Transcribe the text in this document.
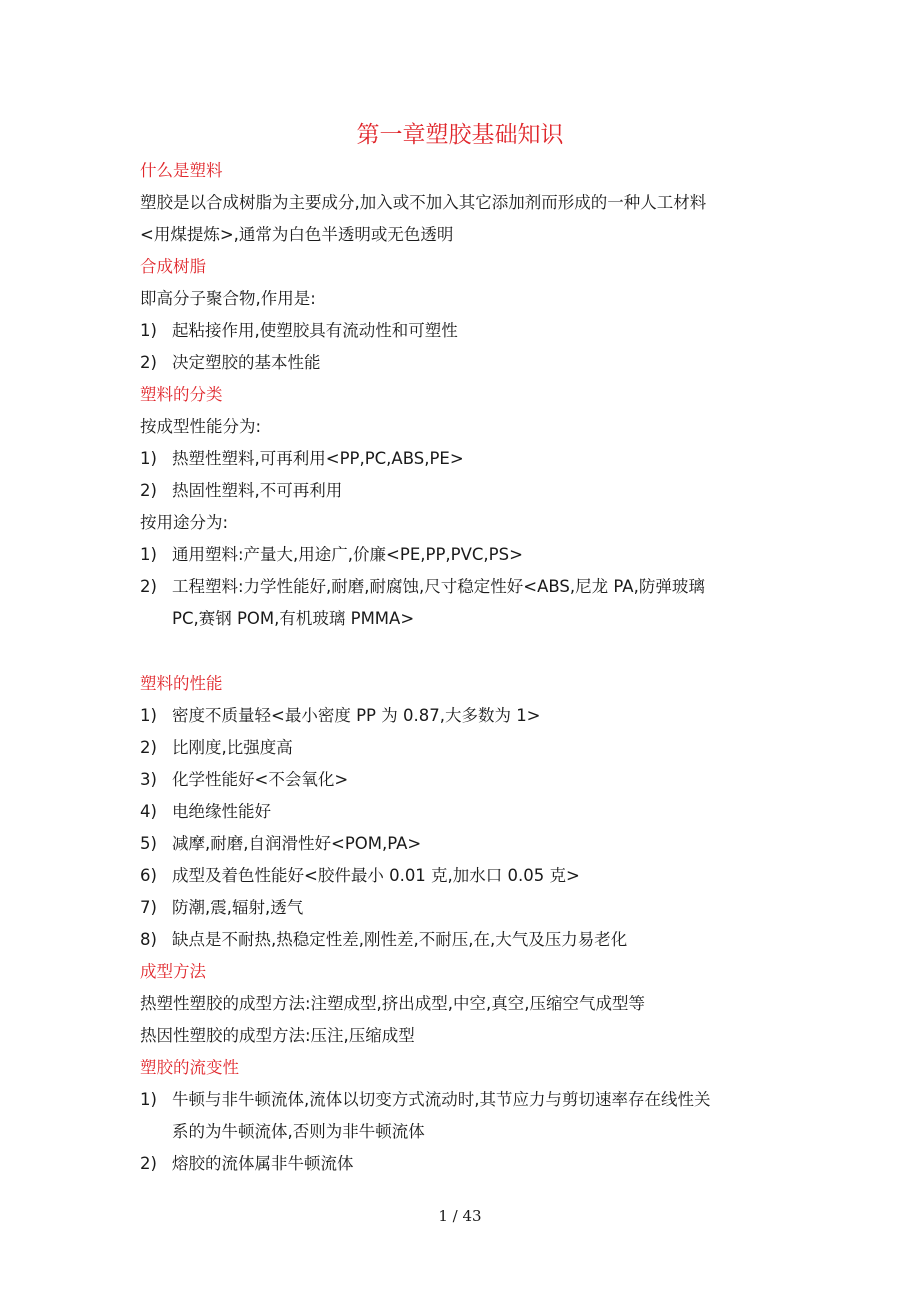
第一章塑胶基础知识
什么是塑料
塑胶是以合成树脂为主要成分,加入或不加入其它添加剂而形成的一种人工材料
<用煤提炼>,通常为白色半透明或无色透明
合成树脂
即高分子聚合物,作用是:
1) 起粘接作用,使塑胶具有流动性和可塑性
2) 决定塑胶的基本性能
塑料的分类
按成型性能分为:
1) 热塑性塑料,可再利用<PP,PC,ABS,PE>
2) 热固性塑料,不可再利用
按用途分为:
1) 通用塑料:产量大,用途广,价廉<PE,PP,PVC,PS>
2) 工程塑料:力学性能好,耐磨,耐腐蚀,尺寸稳定性好<ABS,尼龙 PA,防弹玻璃
PC,赛钢 POM,有机玻璃 PMMA>
塑料的性能
1) 密度不质量轻<最小密度 PP 为 0.87,大多数为 1>
2) 比刚度,比强度高
3) 化学性能好<不会氧化>
4) 电绝缘性能好
5) 减摩,耐磨,自润滑性好<POM,PA>
6) 成型及着色性能好<胶件最小 0.01 克,加水口 0.05 克>
7) 防潮,震,辐射,透气
8) 缺点是不耐热,热稳定性差,刚性差,不耐压,在,大气及压力易老化
成型方法
热塑性塑胶的成型方法:注塑成型,挤出成型,中空,真空,压缩空气成型等
热因性塑胶的成型方法:压注,压缩成型
塑胶的流变性
1) 牛顿与非牛顿流体,流体以切变方式流动时,其节应力与剪切速率存在线性关
系的为牛顿流体,否则为非牛顿流体
2) 熔胶的流体属非牛顿流体
1 / 43
